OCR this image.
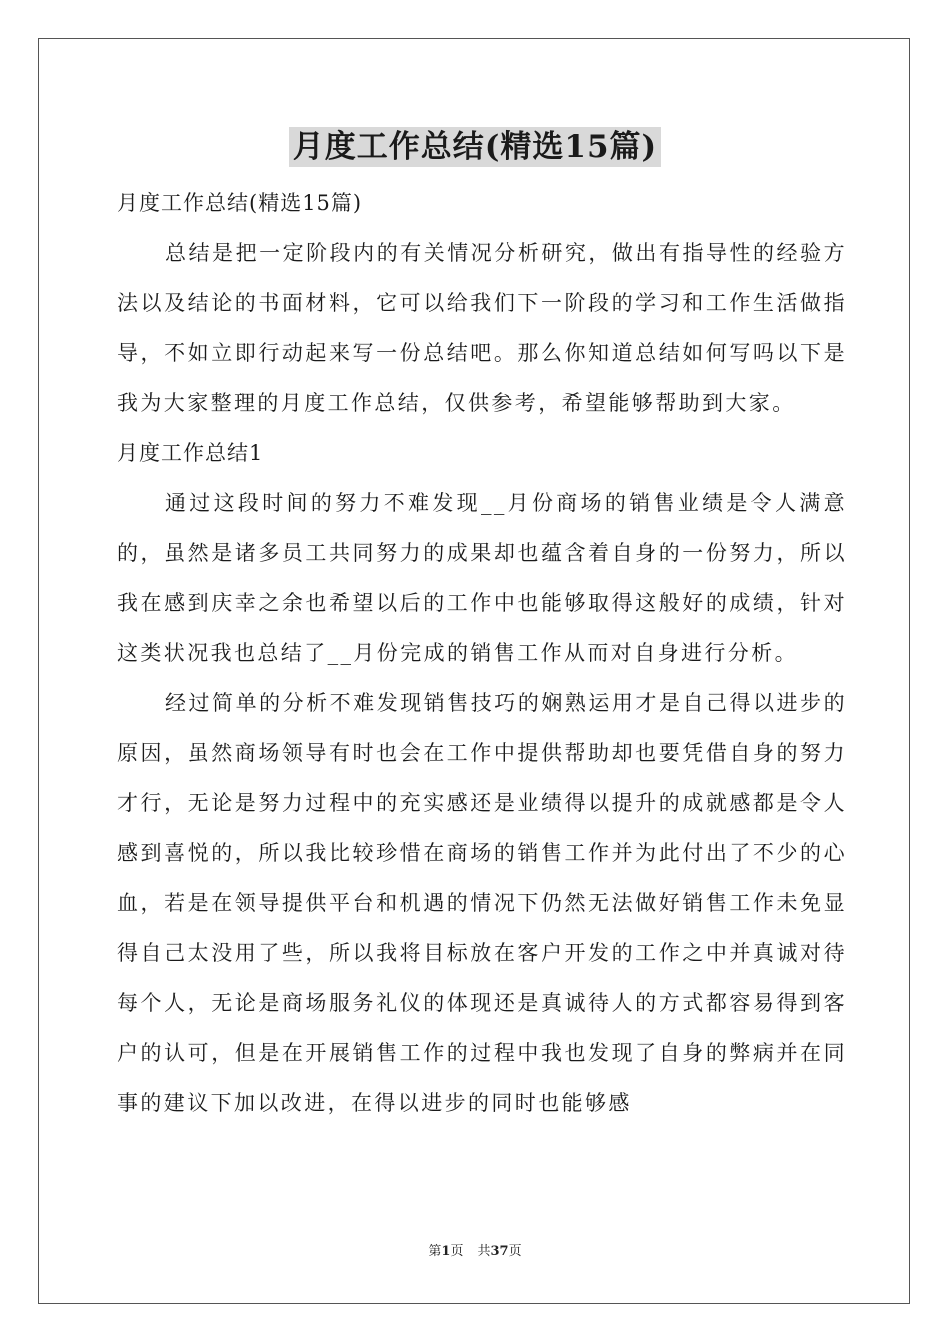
月度工作总结(精选15篇)

月度工作总结(精选15篇)

总结是把一定阶段内的有关情况分析研究，做出有指导性的经验方法以及结论的书面材料，它可以给我们下一阶段的学习和工作生活做指导，不如立即行动起来写一份总结吧。那么你知道总结如何写吗以下是我为大家整理的月度工作总结，仅供参考，希望能够帮助到大家。

月度工作总结1

通过这段时间的努力不难发现__月份商场的销售业绩是令人满意的，虽然是诸多员工共同努力的成果却也蕴含着自身的一份努力，所以我在感到庆幸之余也希望以后的工作中也能够取得这般好的成绩，针对这类状况我也总结了__月份完成的销售工作从而对自身进行分析。

经过简单的分析不难发现销售技巧的娴熟运用才是自己得以进步的原因，虽然商场领导有时也会在工作中提供帮助却也要凭借自身的努力才行，无论是努力过程中的充实感还是业绩得以提升的成就感都是令人感到喜悦的，所以我比较珍惜在商场的销售工作并为此付出了不少的心血，若是在领导提供平台和机遇的情况下仍然无法做好销售工作未免显得自己太没用了些，所以我将目标放在客户开发的工作之中并真诚对待每个人，无论是商场服务礼仪的体现还是真诚待人的方式都容易得到客户的认可，但是在开展销售工作的过程中我也发现了自身的弊病并在同事的建议下加以改进，在得以进步的同时也能够感

第1页 共37页
